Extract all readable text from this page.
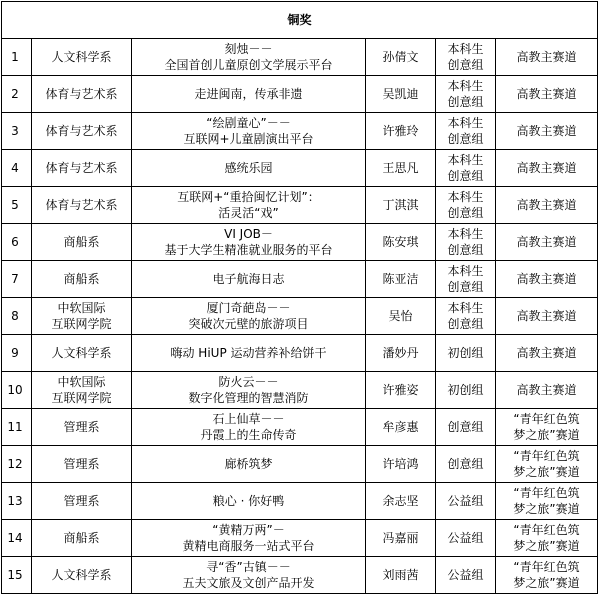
铜奖					
1	人文科学系	刻烛－－
全国首创儿童原创文学展示平台	孙倩文	本科生
创意组	高教主赛道

2	体育与艺术系	走进闽南，传承非遗	吴凯迪	本科生
创意组	高教主赛道

3	体育与艺术系	“绘剧童心”－－
互联网+儿童剧演出平台	许雅玲	本科生
创意组	高教主赛道

4	体育与艺术系	感统乐园	王思凡	本科生
创意组	高教主赛道

5	体育与艺术系	互联网+“重拾闽忆计划”：
活灵活“戏”	丁淇淇	本科生
创意组	高教主赛道

6	商船系	VI JOB－
基于大学生精准就业服务的平台	陈安琪	本科生
创意组	高教主赛道

7	商船系	电子航海日志	陈亚洁	本科生
创意组	高教主赛道

8	中软国际
互联网学院	厦门奇葩岛－－
突破次元壁的旅游项目	吴怡	本科生
创意组	高教主赛道

9	人文科学系	嗨动 HiUP 运动营养补给饼干	潘妙丹	初创组	高教主赛道

10	中软国际
互联网学院	防火云－－
数字化管理的智慧消防	许雅姿	初创组	高教主赛道

11	管理系	石上仙草－－
丹霞上的生命传奇	牟彦惠	创意组	“青年红色筑
梦之旅”赛道

12	管理系	廊桥筑梦	许培鸿	创意组	“青年红色筑
梦之旅”赛道

13	管理系	粮心 · 你好鸭	余志坚	公益组	“青年红色筑
梦之旅”赛道

14	商船系	“黄精万两”－
黄精电商服务一站式平台	冯嘉丽	公益组	“青年红色筑
梦之旅”赛道

15	人文科学系	寻“香”古镇－－
五夫文旅及文创产品开发	刘雨茜	公益组	“青年红色筑
梦之旅”赛道
